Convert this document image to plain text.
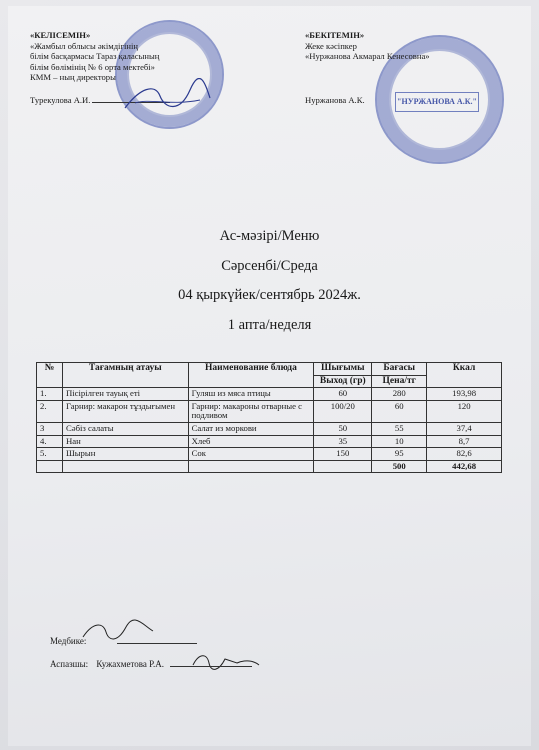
"НУРЖАНОВА А.К."
«КЕЛІСЕМІН»
«Жамбыл облысы әкімдігінің
білім басқармасы Тараз қаласының
білім бөлімінің № 6 орта мектебі»
КММ – ның директоры
Турекулова А.И.
«БЕКІТЕМІН»
Жеке кәсіпкер
«Нуржанова Акмарал Кенесовна»
Нуржанова А.К.
Ас-мәзірі/Меню
Сәрсенбі/Среда
04 қыркүйек/сентябрь 2024ж.
1 апта/неделя
№	Тағамның атауы	Наименование блюда	Шығымы	Бағасы	Ккал
			Выход (гр)	Цена/тг	
1.	Пісірілген тауық еті	Гуляш из мяса птицы	60	280	193,98
2.	Гарнир: макарон тұздығымен	Гарнир: макароны отварные с подливом	100/20	60	120
3	Сәбіз салаты	Салат из моркови	50	55	37,4
4.	Нан	Хлеб	35	10	8,7
5.	Шырын	Сок	150	95	82,6
				500	442,68
Медбике:
Аспазшы: Кужахметова Р.А.
